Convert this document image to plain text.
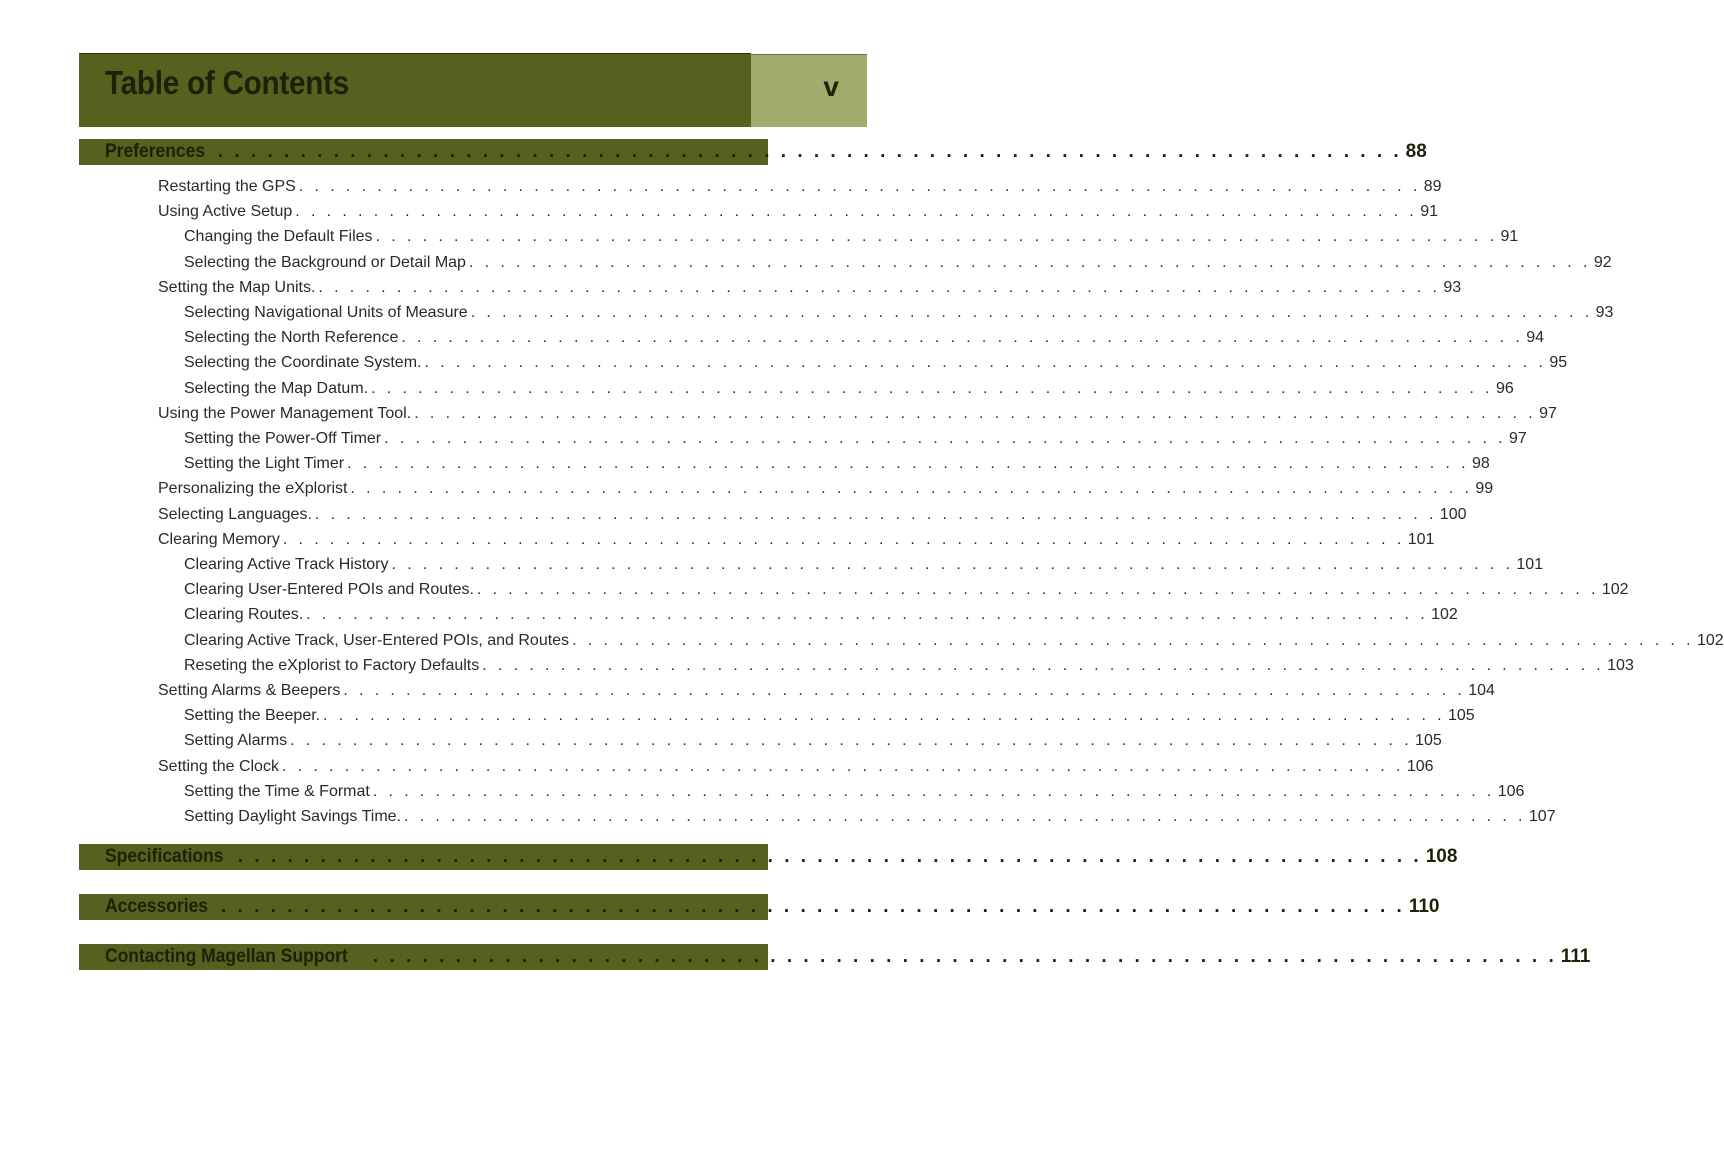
Table of Contents	v
Preferences . . . . . . . . . . . . . . . . . . . . . . . . . . . . . . . . . . . . . . . . . . . . . . . . . . . . . . . . . . . . . . . . . . . . . . . . 88
Restarting the GPS . . . . . . . . . . . . . . . . . . . . . . . . . . . . . . . . . . . . . . . . . . . . . . . . . . . . . . . . . . . . . . . . . . . . . . . . 89
Using Active Setup . . . . . . . . . . . . . . . . . . . . . . . . . . . . . . . . . . . . . . . . . . . . . . . . . . . . . . . . . . . . . . . . . . . . . . . . 91
Changing the Default Files . . . . . . . . . . . . . . . . . . . . . . . . . . . . . . . . . . . . . . . . . . . . . . . . . . . . . . . . . . . . . . . . . . . . . . . . 91
Selecting the Background or Detail Map . . . . . . . . . . . . . . . . . . . . . . . . . . . . . . . . . . . . . . . . . . . . . . . . . . . . . . . . . . . . . . . . . . . . . . . . 92
Setting the Map Units. . . . . . . . . . . . . . . . . . . . . . . . . . . . . . . . . . . . . . . . . . . . . . . . . . . . . . . . . . . . . . . . . . . . . . . . . 93
Selecting Navigational Units of Measure . . . . . . . . . . . . . . . . . . . . . . . . . . . . . . . . . . . . . . . . . . . . . . . . . . . . . . . . . . . . . . . . . . . . . . . . 93
Selecting the North Reference . . . . . . . . . . . . . . . . . . . . . . . . . . . . . . . . . . . . . . . . . . . . . . . . . . . . . . . . . . . . . . . . . . . . . . . . 94
Selecting the Coordinate System. . . . . . . . . . . . . . . . . . . . . . . . . . . . . . . . . . . . . . . . . . . . . . . . . . . . . . . . . . . . . . . . . . . . . . . . . 95
Selecting the Map Datum. . . . . . . . . . . . . . . . . . . . . . . . . . . . . . . . . . . . . . . . . . . . . . . . . . . . . . . . . . . . . . . . . . . . . . . . . 96
Using the Power Management Tool. . . . . . . . . . . . . . . . . . . . . . . . . . . . . . . . . . . . . . . . . . . . . . . . . . . . . . . . . . . . . . . . . . . . . . . . . 97
Setting the Power-Off Timer . . . . . . . . . . . . . . . . . . . . . . . . . . . . . . . . . . . . . . . . . . . . . . . . . . . . . . . . . . . . . . . . . . . . . . . . 97
Setting the Light Timer . . . . . . . . . . . . . . . . . . . . . . . . . . . . . . . . . . . . . . . . . . . . . . . . . . . . . . . . . . . . . . . . . . . . . . . . 98
Personalizing the eXplorist . . . . . . . . . . . . . . . . . . . . . . . . . . . . . . . . . . . . . . . . . . . . . . . . . . . . . . . . . . . . . . . . . . . . . . . . 99
Selecting Languages. . . . . . . . . . . . . . . . . . . . . . . . . . . . . . . . . . . . . . . . . . . . . . . . . . . . . . . . . . . . . . . . . . . . . . . . . 100
Clearing Memory . . . . . . . . . . . . . . . . . . . . . . . . . . . . . . . . . . . . . . . . . . . . . . . . . . . . . . . . . . . . . . . . . . . . . . . . 101
Clearing Active Track History . . . . . . . . . . . . . . . . . . . . . . . . . . . . . . . . . . . . . . . . . . . . . . . . . . . . . . . . . . . . . . . . . . . . . . . . 101
Clearing User-Entered POIs and Routes. . . . . . . . . . . . . . . . . . . . . . . . . . . . . . . . . . . . . . . . . . . . . . . . . . . . . . . . . . . . . . . . . . . . . . . . . 102
Clearing Routes. . . . . . . . . . . . . . . . . . . . . . . . . . . . . . . . . . . . . . . . . . . . . . . . . . . . . . . . . . . . . . . . . . . . . . . . . 102
Clearing Active Track, User-Entered POIs, and Routes . . . . . . . . . . . . . . . . . . . . . . . . . . . . . . . . . . . . . . . . . . . . . . . . . . . . . . . . . . . . . . . . . . . . . . . . 102
Reseting the eXplorist to Factory Defaults . . . . . . . . . . . . . . . . . . . . . . . . . . . . . . . . . . . . . . . . . . . . . . . . . . . . . . . . . . . . . . . . . . . . . . . . 103
Setting Alarms & Beepers . . . . . . . . . . . . . . . . . . . . . . . . . . . . . . . . . . . . . . . . . . . . . . . . . . . . . . . . . . . . . . . . . . . . . . . . 104
Setting the Beeper. . . . . . . . . . . . . . . . . . . . . . . . . . . . . . . . . . . . . . . . . . . . . . . . . . . . . . . . . . . . . . . . . . . . . . . . . 105
Setting Alarms . . . . . . . . . . . . . . . . . . . . . . . . . . . . . . . . . . . . . . . . . . . . . . . . . . . . . . . . . . . . . . . . . . . . . . . . 105
Setting the Clock . . . . . . . . . . . . . . . . . . . . . . . . . . . . . . . . . . . . . . . . . . . . . . . . . . . . . . . . . . . . . . . . . . . . . . . . 106
Setting the Time & Format . . . . . . . . . . . . . . . . . . . . . . . . . . . . . . . . . . . . . . . . . . . . . . . . . . . . . . . . . . . . . . . . . . . . . . . . 106
Setting Daylight Savings Time. . . . . . . . . . . . . . . . . . . . . . . . . . . . . . . . . . . . . . . . . . . . . . . . . . . . . . . . . . . . . . . . . . . . . . . . . 107
Specifications . . . . . . . . . . . . . . . . . . . . . . . . . . . . . . . . . . . . . . . . . . . . . . . . . . . . . . . . . . . . . . . . . . . . . . . . 108
Accessories . . . . . . . . . . . . . . . . . . . . . . . . . . . . . . . . . . . . . . . . . . . . . . . . . . . . . . . . . . . . . . . . . . . . . . . . 110
Contacting Magellan Support . . . . . . . . . . . . . . . . . . . . . . . . . . . . . . . . . . . . . . . . . . . . . . . . . . . . . . . . . . . . . . . . . . . . . . . . 111
